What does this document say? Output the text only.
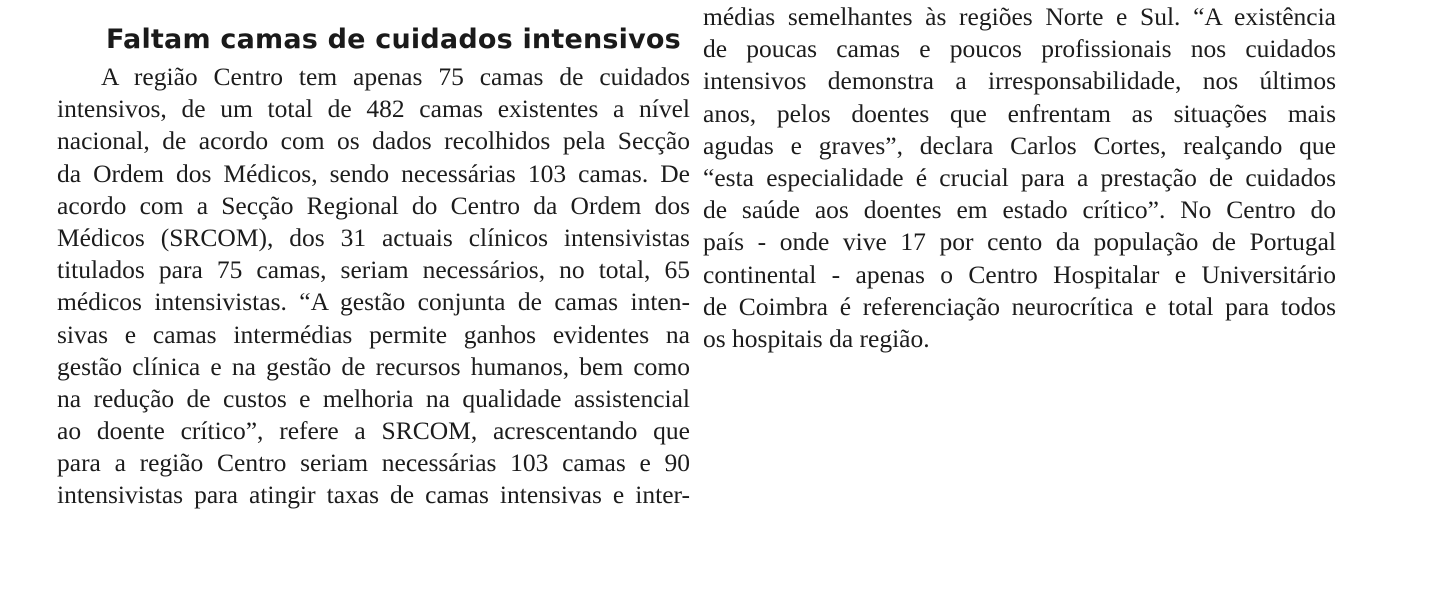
Faltam camas de cuidados intensivos
A região Centro tem apenas 75 camas de cuidados
intensivos, de um total de 482 camas existentes a nível
nacional, de acordo com os dados recolhidos pela Secção
da Ordem dos Médicos, sendo necessárias 103 camas. De
acordo com a Secção Regional do Centro da Ordem dos
Médicos (SRCOM), dos 31 actuais clínicos intensivistas
titulados para 75 camas, seriam necessários, no total, 65
médicos intensivistas. “A gestão conjunta de camas inten-
sivas e camas intermédias permite ganhos evidentes na
gestão clínica e na gestão de recursos humanos, bem como
na redução de custos e melhoria na qualidade assistencial
ao doente crítico”, refere a SRCOM, acrescentando que
para a região Centro seriam necessárias 103 camas e 90
intensivistas para atingir taxas de camas intensivas e inter-
médias semelhantes às regiões Norte e Sul. “A existência
de poucas camas e poucos profissionais nos cuidados
intensivos demonstra a irresponsabilidade, nos últimos
anos, pelos doentes que enfrentam as situações mais
agudas e graves”, declara Carlos Cortes, realçando que
“esta especialidade é crucial para a prestação de cuidados
de saúde aos doentes em estado crítico”. No Centro do
país - onde vive 17 por cento da população de Portugal
continental - apenas o Centro Hospitalar e Universitário
de Coimbra é referenciação neurocrítica e total para todos
os hospitais da região.
